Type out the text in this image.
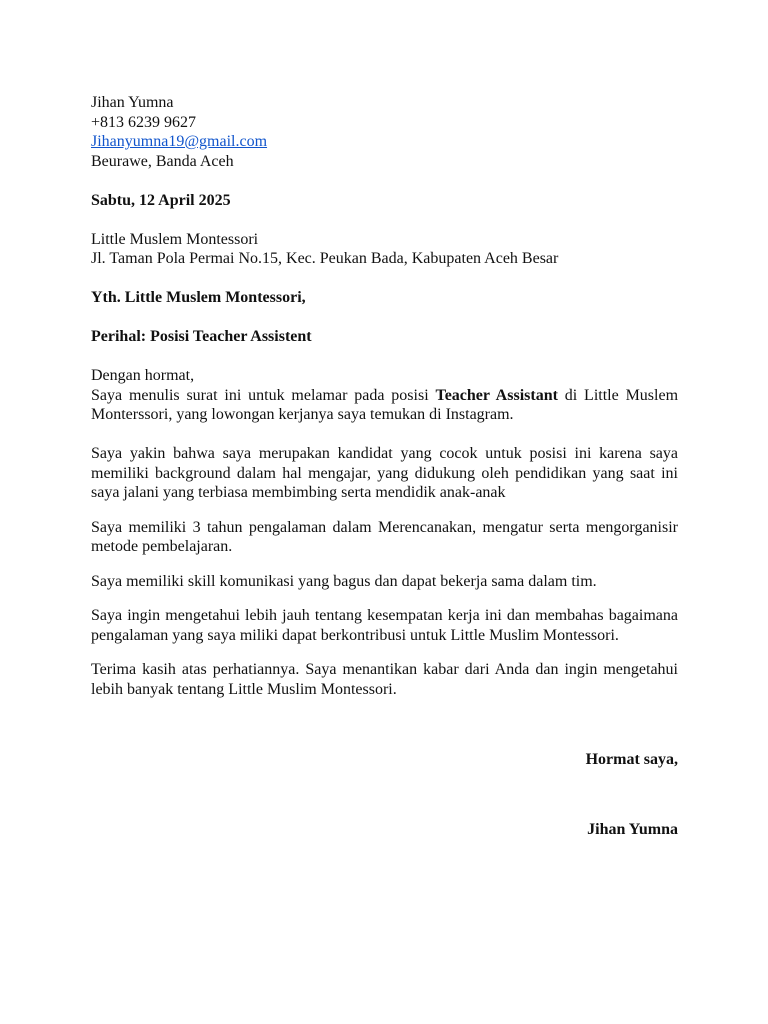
Jihan Yumna
+813 6239 9627
Jihanyumna19@gmail.com
Beurawe, Banda Aceh
Sabtu, 12 April 2025
Little Muslem Montessori
Jl. Taman Pola Permai No.15, Kec. Peukan Bada, Kabupaten Aceh Besar
Yth. Little Muslem Montessori,
Perihal: Posisi Teacher Assistent
Dengan hormat,
Saya menulis surat ini untuk melamar pada posisi Teacher Assistant di Little Muslem Monterssori, yang lowongan kerjanya saya temukan di Instagram.
Saya yakin bahwa saya merupakan kandidat yang cocok untuk posisi ini karena saya memiliki background dalam hal mengajar, yang didukung oleh pendidikan yang saat ini saya jalani yang terbiasa membimbing serta mendidik anak-anak
Saya memiliki 3 tahun pengalaman dalam Merencanakan, mengatur serta mengorganisir metode pembelajaran.
Saya memiliki skill komunikasi yang bagus dan dapat bekerja sama dalam tim.
Saya ingin mengetahui lebih jauh tentang kesempatan kerja ini dan membahas bagaimana pengalaman yang saya miliki dapat berkontribusi untuk Little Muslim Montessori.
Terima kasih atas perhatiannya. Saya menantikan kabar dari Anda dan ingin mengetahui lebih banyak tentang Little Muslim Montessori.
Hormat saya,
Jihan Yumna
